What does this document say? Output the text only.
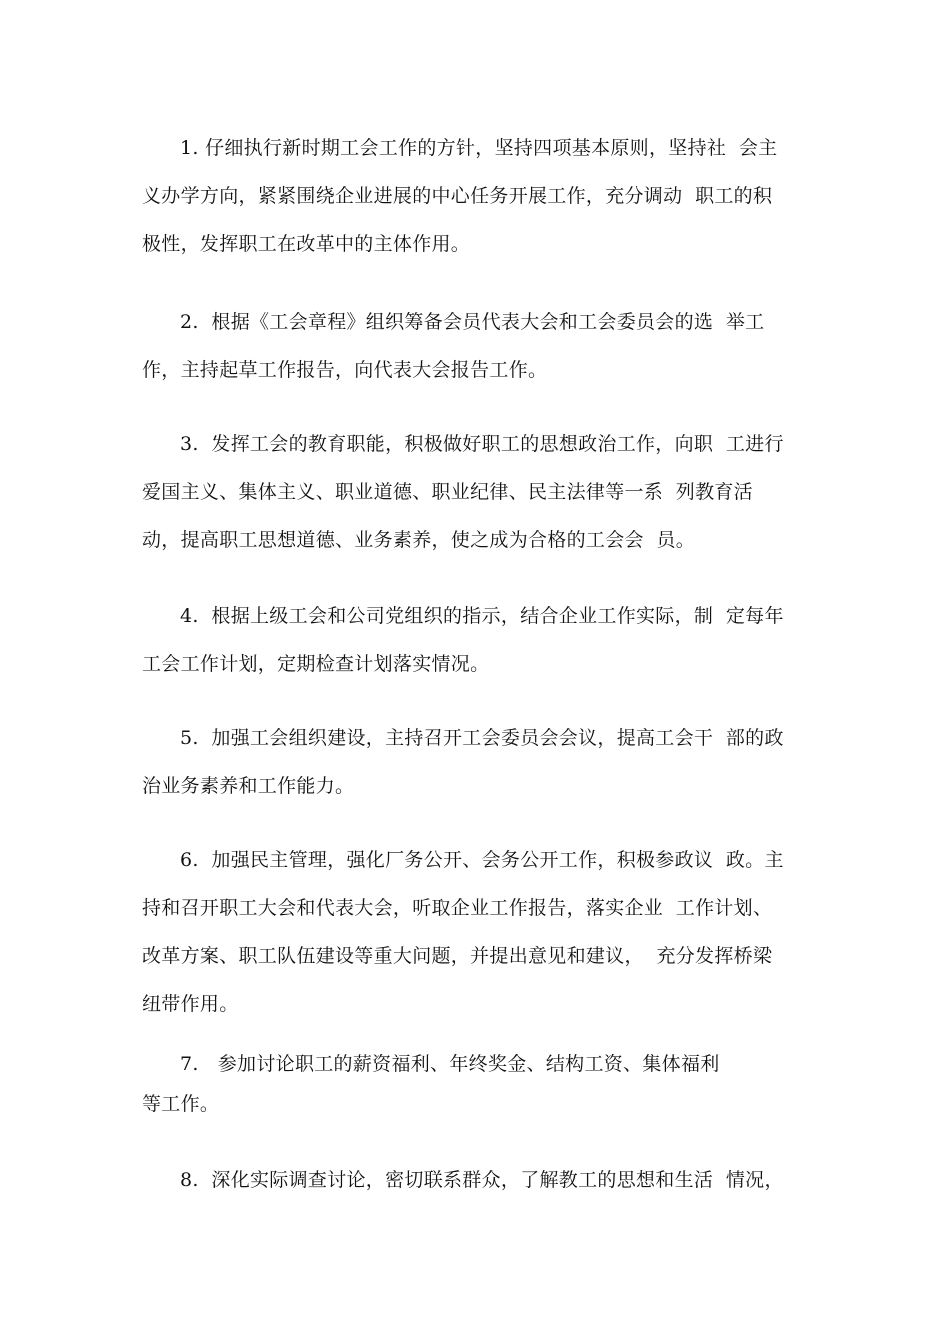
1. 仔细执行新时期工会工作的方针，坚持四项基本原则，坚持社  会主
义办学方向，紧紧围绕企业进展的中心任务开展工作，充分调动  职工的积
极性，发挥职工在改革中的主体作用。
2.  根据《工会章程》组织筹备会员代表大会和工会委员会的选  举工
作，主持起草工作报告，向代表大会报告工作。
3.  发挥工会的教育职能，积极做好职工的思想政治工作，向职  工进行
爱国主义、集体主义、职业道德、职业纪律、民主法律等一系  列教育活
动，提高职工思想道德、业务素养，使之成为合格的工会会  员。
4.  根据上级工会和公司党组织的指示，结合企业工作实际，制  定每年
工会工作计划，定期检查计划落实情况。
5.  加强工会组织建设，主持召开工会委员会会议，提高工会干  部的政
治业务素养和工作能力。
6.  加强民主管理，强化厂务公开、会务公开工作，积极参政议  政。主
持和召开职工大会和代表大会，听取企业工作报告，落实企业  工作计划、
改革方案、职工队伍建设等重大问题，并提出意见和建议，  充分发挥桥梁
纽带作用。
7.   参加讨论职工的薪资福利、年终奖金、结构工资、集体福利
等工作。
8.  深化实际调查讨论，密切联系群众，了解教工的思想和生活  情况，
